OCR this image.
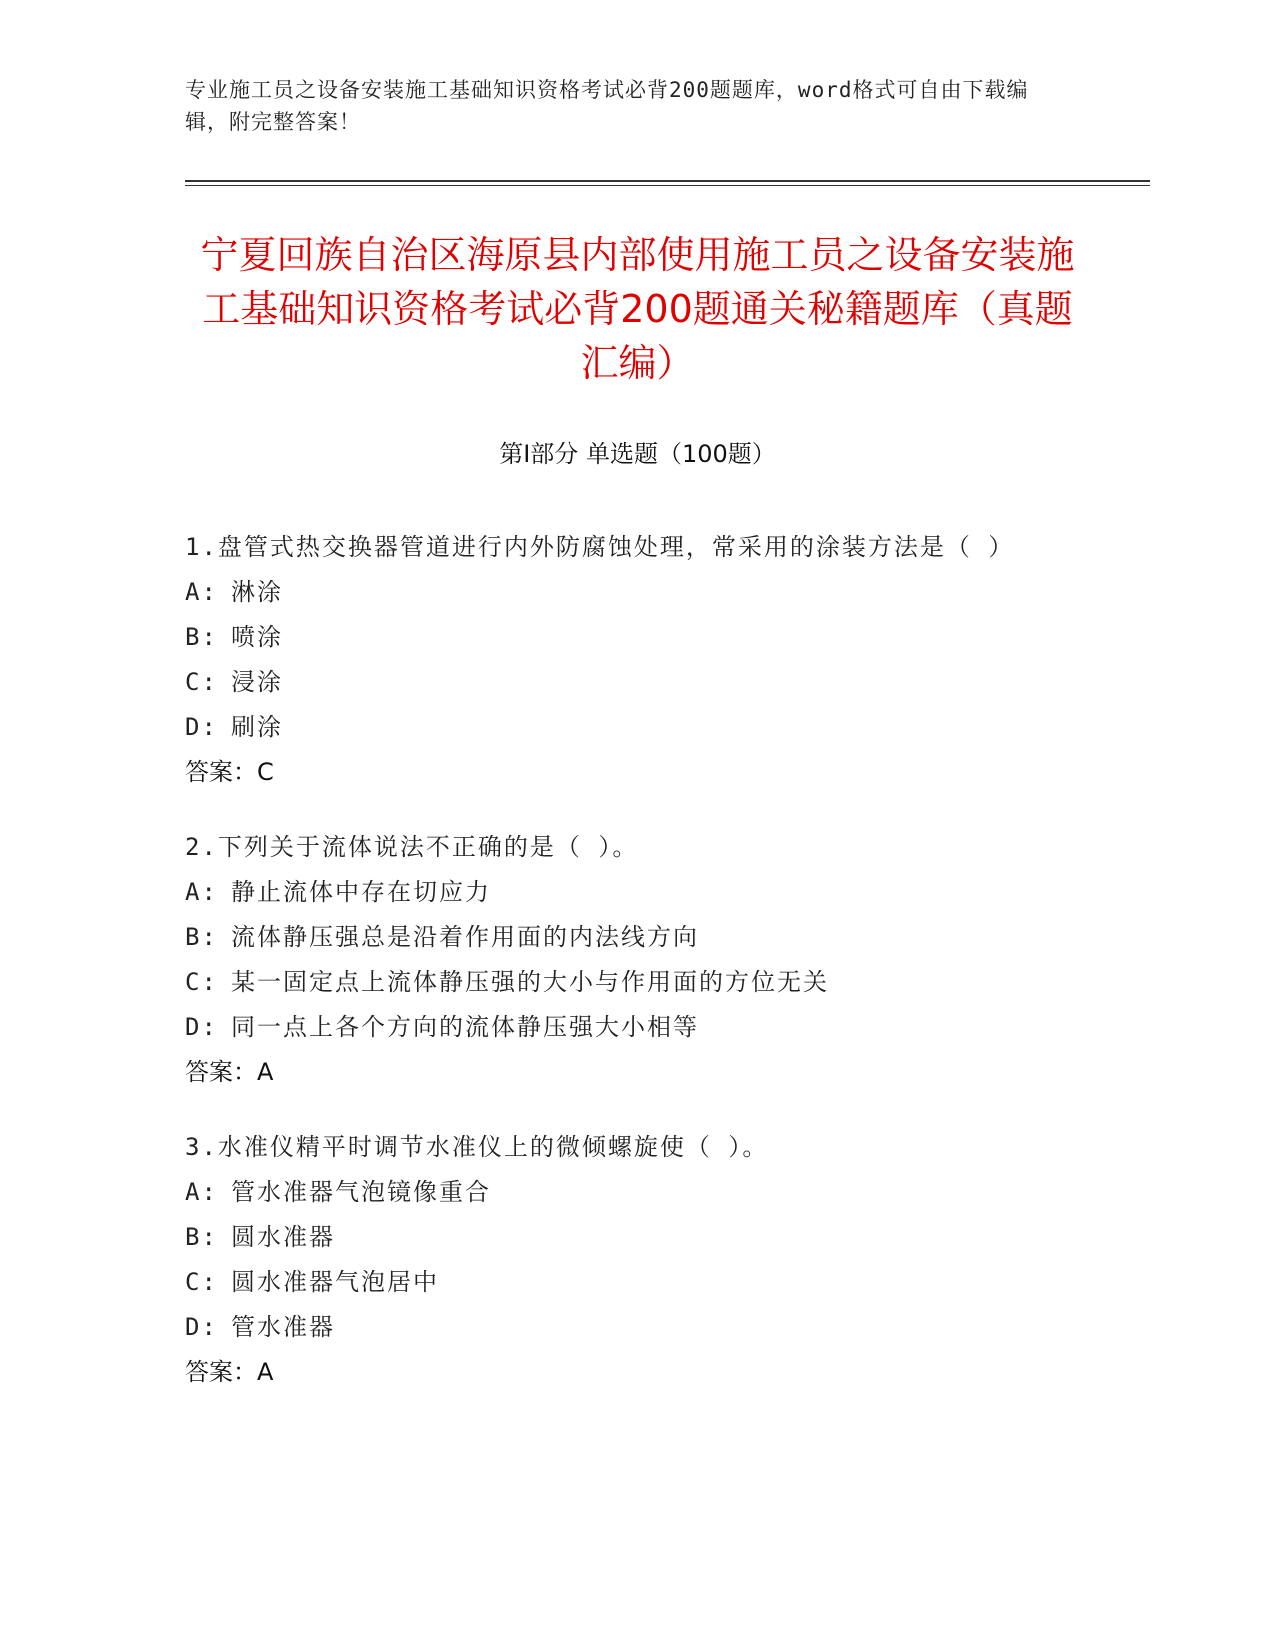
专业施工员之设备安装施工基础知识资格考试必背200题题库，word格式可自由下载编辑，附完整答案！
宁夏回族自治区海原县内部使用施工员之设备安装施工基础知识资格考试必背200题通关秘籍题库（真题汇编）
第Ⅰ部分 单选题（100题）
1.盘管式热交换器管道进行内外防腐蚀处理，常采用的涂装方法是（ ）
A: 淋涂
B: 喷涂
C: 浸涂
D: 刷涂
答案：C
2.下列关于流体说法不正确的是（ ）。
A: 静止流体中存在切应力
B: 流体静压强总是沿着作用面的内法线方向
C: 某一固定点上流体静压强的大小与作用面的方位无关
D: 同一点上各个方向的流体静压强大小相等
答案：A
3.水准仪精平时调节水准仪上的微倾螺旋使（ ）。
A: 管水准器气泡镜像重合
B: 圆水准器
C: 圆水准器气泡居中
D: 管水准器
答案：A
